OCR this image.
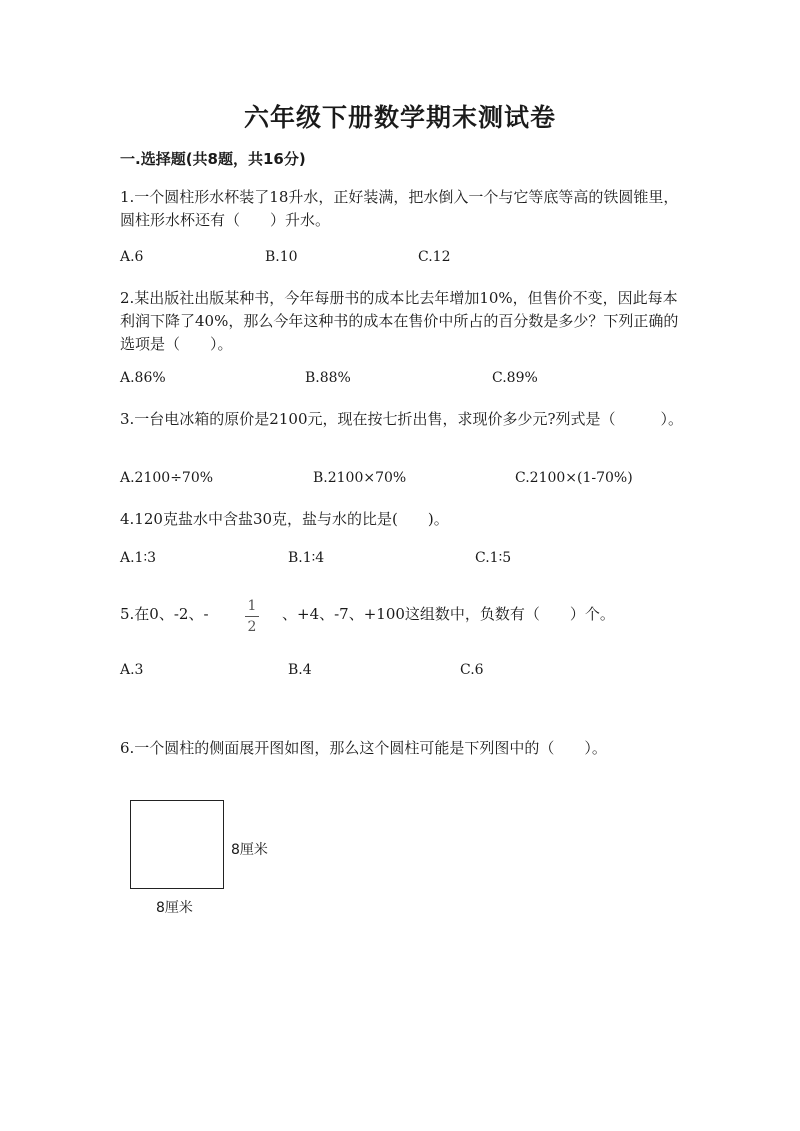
六年级下册数学期末测试卷
一.选择题(共8题，共16分)
1.一个圆柱形水杯装了18升水，正好装满，把水倒入一个与它等底等高的铁圆锥里，圆柱形水杯还有（　　）升水。
A.6	B.10	C.12
2.某出版社出版某种书，今年每册书的成本比去年增加10%，但售价不变，因此每本利润下降了40%，那么今年这种书的成本在售价中所占的百分数是多少？下列正确的选项是（　　）。
A.86%	B.88%	C.89%
3.一台电冰箱的原价是2100元，现在按七折出售，求现价多少元?列式是（　　　）。
A.2100÷70%	B.2100×70%	C.2100×(1-70%)
4.120克盐水中含盐30克，盐与水的比是(　　)。
A.1∶3	B.1∶4	C.1∶5
5.在0、-2、-	1
2
、+4、-7、+100这组数中，负数有（　　）个。
A.3	B.4	C.6
6.一个圆柱的侧面展开图如图，那么这个圆柱可能是下列图中的（　　）。
8厘米
8厘米
